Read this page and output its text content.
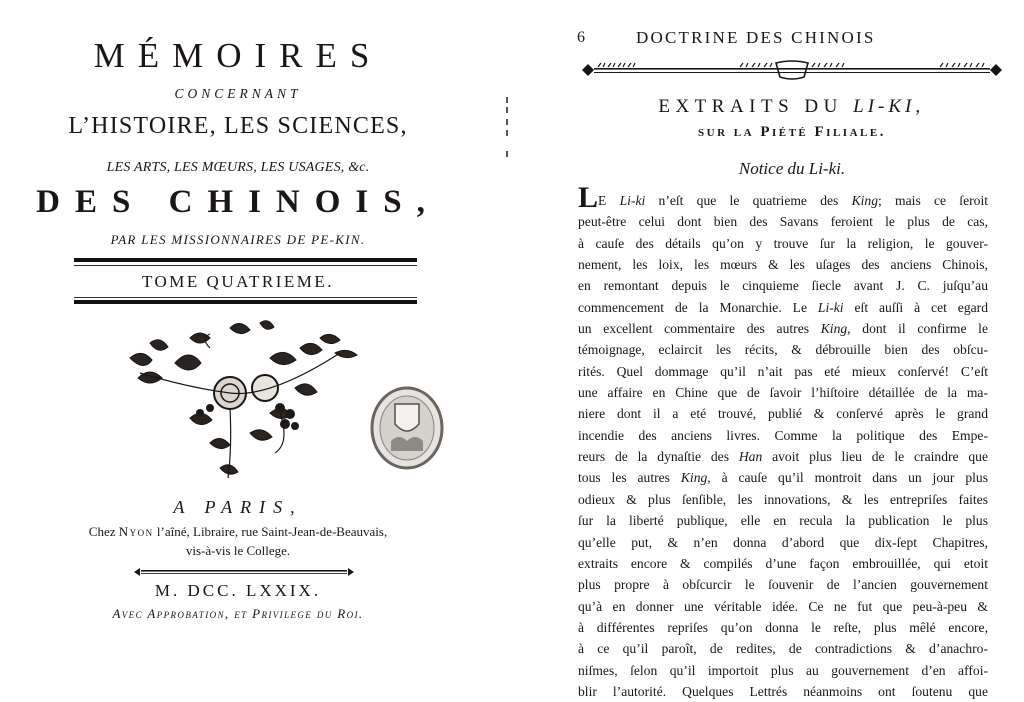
MÉMOIRES
CONCERNANT
L’HISTOIRE, LES SCIENCES,
LES ARTS, LES MŒURS, LES USAGES, &c.
DES CHINOIS,
PAR LES MISSIONNAIRES DE PE-KIN.
TOME QUATRIEME.
A PARIS,
Chez Nyon l’aîné, Libraire, rue Saint-Jean-de-Beauvais,
vis-à-vis le College.
M. DCC. LXXIX.
Avec Approbation, et Privilege du Roi.
6	DOCTRINE DES CHINOIS
EXTRAITS DU LI-KI,
sur la Piété Filiale.
Notice du Li-ki.
LE Li-ki n’eſt que le quatrieme des King; mais ce ſeroit
peut-être celui dont bien des Savans feroient le plus de cas,
à cauſe des détails qu’on y trouve ſur la religion, le gouver-
nement, les loix, les mœurs & les uſages des anciens Chinois,
en remontant depuis le cinquieme ſiecle avant J. C. juſqu’au
commencement de la Monarchie. Le Li-ki eſt auſſi à cet egard
un excellent commentaire des autres King, dont il confirme le
témoignage, eclaircit les récits, & débrouille bien des obſcu-
rités. Quel dommage qu’il n’ait pas eté mieux conſervé! C’eſt
une affaire en Chine que de ſavoir l’hiſtoire détaillée de la ma-
niere dont il a eté trouvé, publié & conſervé après le grand
incendie des anciens livres. Comme la politique des Empe-
reurs de la dynaſtie des Han avoit plus lieu de le craindre que
tous les autres King, à cauſe qu’il montroit dans un jour plus
odieux & plus ſenſible, les innovations, & les entrepriſes faites
ſur la liberté publique, elle en recula la publication le plus
qu’elle put, & n’en donna d’abord que dix-ſept Chapitres,
extraits encore & compilés d’une façon embrouillée, qui etoit
plus propre à obſcurcir le ſouvenir de l’ancien gouvernement
qu’à en donner une véritable idée. Ce ne fut que peu-à-peu &
à différentes repriſes qu’on donna le reſte, plus mêlé encore,
à ce qu’il paroît, de redites, de contradictions & d’anachro-
niſmes, ſelon qu’il importoit plus au gouvernement d’en affoi-
blir l’autorité. Quelques Lettrés néanmoins ont ſoutenu que
